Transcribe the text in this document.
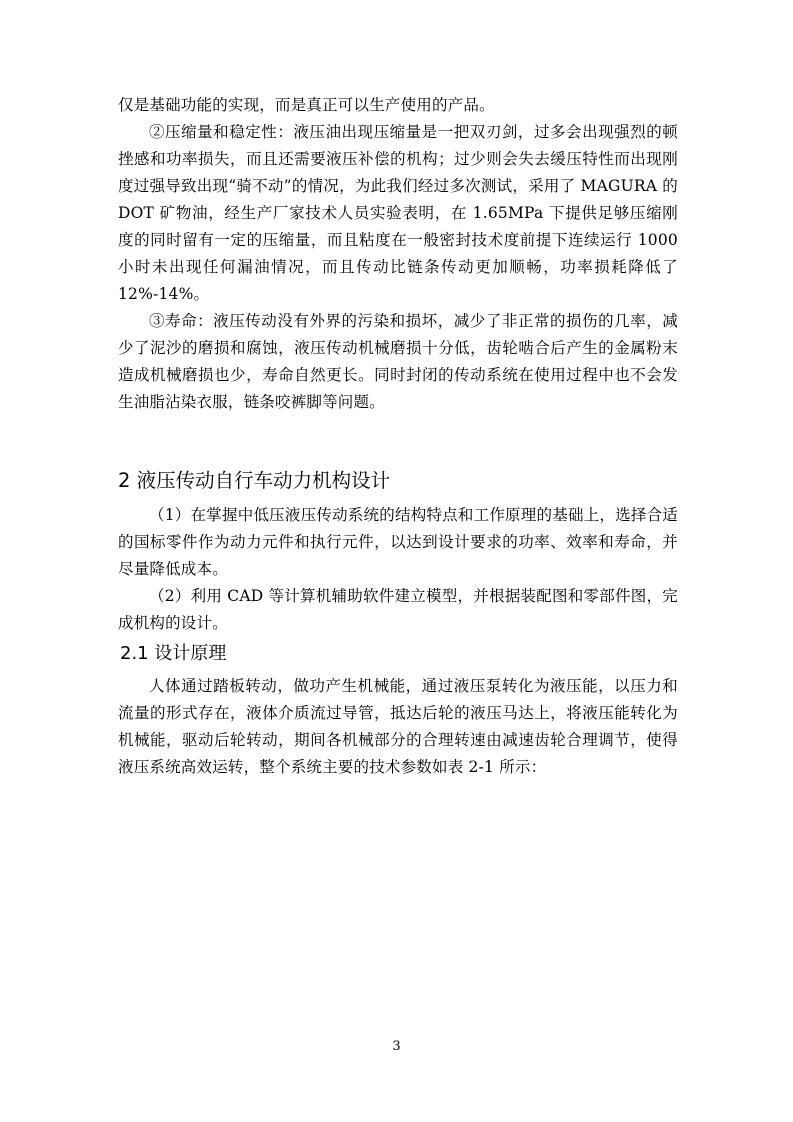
仅是基础功能的实现，而是真正可以生产使用的产品。

②压缩量和稳定性：液压油出现压缩量是一把双刃剑，过多会出现强烈的顿挫感和功率损失，而且还需要液压补偿的机构；过少则会失去缓压特性而出现刚度过强导致出现“骑不动”的情况，为此我们经过多次测试，采用了 MAGURA 的 DOT 矿物油，经生产厂家技术人员实验表明，在 1.65MPa 下提供足够压缩刚度的同时留有一定的压缩量，而且粘度在一般密封技术度前提下连续运行 1000 小时未出现任何漏油情况，而且传动比链条传动更加顺畅，功率损耗降低了 12%-14%。

③寿命：液压传动没有外界的污染和损坏，减少了非正常的损伤的几率，减少了泥沙的磨损和腐蚀，液压传动机械磨损十分低，齿轮啮合后产生的金属粉末造成机械磨损也少，寿命自然更长。同时封闭的传动系统在使用过程中也不会发生油脂沾染衣服，链条咬裤脚等问题。

2 液压传动自行车动力机构设计

（1）在掌握中低压液压传动系统的结构特点和工作原理的基础上，选择合适的国标零件作为动力元件和执行元件，以达到设计要求的功率、效率和寿命，并尽量降低成本。

（2）利用 CAD 等计算机辅助软件建立模型，并根据装配图和零部件图，完成机构的设计。

2.1 设计原理

人体通过踏板转动，做功产生机械能，通过液压泵转化为液压能，以压力和流量的形式存在，液体介质流过导管，抵达后轮的液压马达上，将液压能转化为机械能，驱动后轮转动，期间各机械部分的合理转速由减速齿轮合理调节，使得液压系统高效运转，整个系统主要的技术参数如表 2-1 所示：

3
